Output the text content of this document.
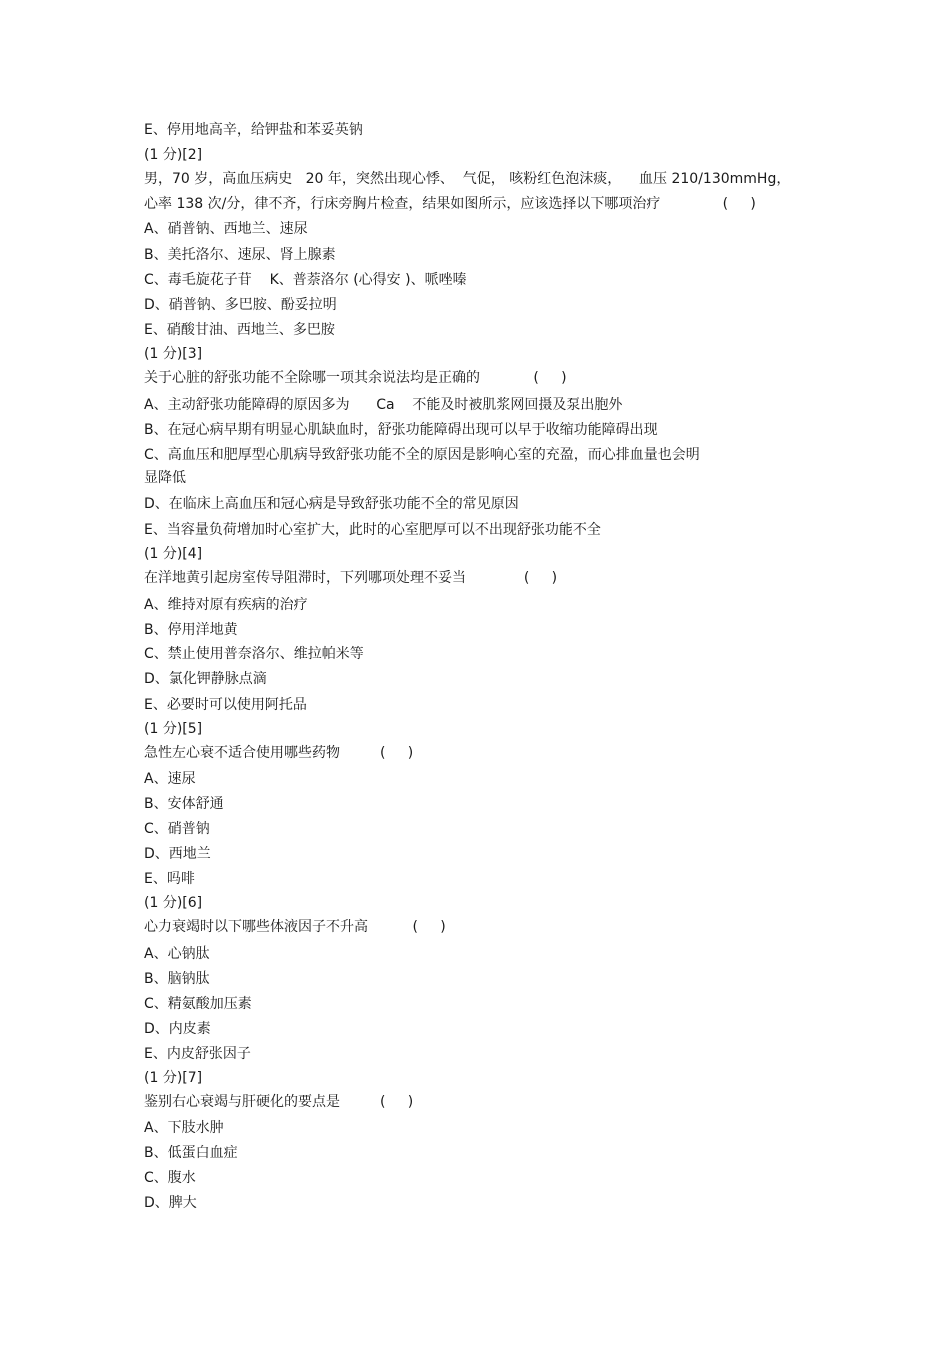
E、停用地高辛，给钾盐和苯妥英钠
(1 分)[2]
男，70 岁，高血压病史   20 年，突然出现心悸、  气促， 咳粉红色泡沫痰，    血压 210/130mmHg，
心率 138 次/分，律不齐，行床旁胸片检查，结果如图所示，应该选择以下哪项治疗              (     )
A、硝普钠、西地兰、速尿
B、美托洛尔、速尿、肾上腺素
C、毒毛旋花子苷    K、普萘洛尔 (心得安 )、哌唑嗪
D、硝普钠、多巴胺、酚妥拉明
E、硝酸甘油、西地兰、多巴胺
(1 分)[3]
关于心脏的舒张功能不全除哪一项其余说法均是正确的            (     )
A、主动舒张功能障碍的原因多为      Ca    不能及时被肌浆网回摄及泵出胞外
B、在冠心病早期有明显心肌缺血时，舒张功能障碍出现可以早于收缩功能障碍出现
C、高血压和肥厚型心肌病导致舒张功能不全的原因是影响心室的充盈，而心排血量也会明
显降低
D、在临床上高血压和冠心病是导致舒张功能不全的常见原因
E、当容量负荷增加时心室扩大，此时的心室肥厚可以不出现舒张功能不全
(1 分)[4]
在洋地黄引起房室传导阻滞时，下列哪项处理不妥当             (     )
A、维持对原有疾病的治疗
B、停用洋地黄
C、禁止使用普奈洛尔、维拉帕米等
D、氯化钾静脉点滴
E、必要时可以使用阿托品
(1 分)[5]
急性左心衰不适合使用哪些药物         (     )
A、速尿
B、安体舒通
C、硝普钠
D、西地兰
E、吗啡
(1 分)[6]
心力衰竭时以下哪些体液因子不升高          (     )
A、心钠肽
B、脑钠肽
C、精氨酸加压素
D、内皮素
E、内皮舒张因子
(1 分)[7]
鉴别右心衰竭与肝硬化的要点是         (     )
A、下肢水肿
B、低蛋白血症
C、腹水
D、脾大
